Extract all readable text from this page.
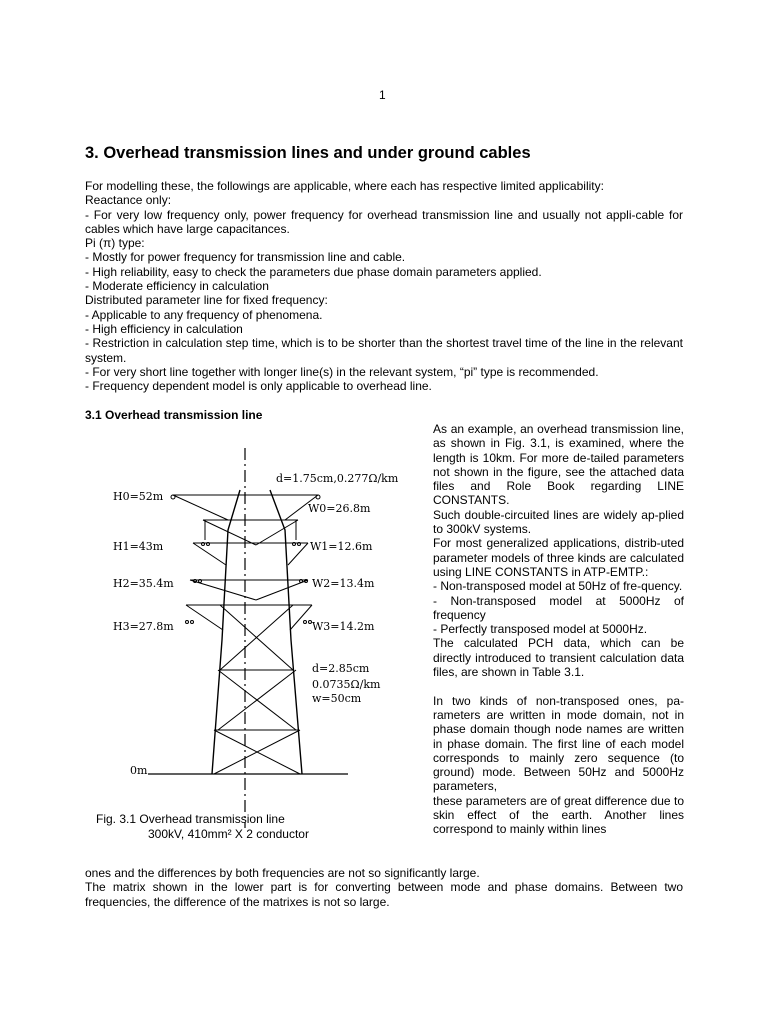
1
3. Overhead transmission lines and under ground cables
For modelling these, the followings are applicable, where each has respective limited applicability:
Reactance only:
- For very low frequency only, power frequency for overhead transmission line and usually not appli-cable for cables which have large capacitances.
Pi (π) type:
- Mostly for power frequency for transmission line and cable.
- High reliability, easy to check the parameters due phase domain parameters applied.
- Moderate efficiency in calculation
Distributed parameter line for fixed frequency:
- Applicable to any frequency of phenomena.
- High efficiency in calculation
- Restriction in calculation step time, which is to be shorter than the shortest travel time of the line in the relevant system.
- For very short line together with longer line(s) in the relevant system, “pi” type is recommended.
- Frequency dependent model is only applicable to overhead line.
3.1 Overhead transmission line

As an example, an overhead transmission line, as shown in Fig. 3.1, is examined, where the length is 10km. For more de-tailed parameters not shown in the figure, see the attached data files and Role Book regarding LINE CONSTANTS.

Such double-circuited lines are widely ap-plied to 300kV systems.

For most generalized applications, distrib-uted parameter models of three kinds are calculated using LINE CONSTANTS in ATP-EMTP.:

- Non-transposed model at 50Hz of fre-quency.

- Non-transposed model at 5000Hz of frequency

- Perfectly transposed model at 5000Hz.

The calculated PCH data, which can be directly introduced to transient calculation data files, are shown in Table 3.1.

In two kinds of non-transposed ones, pa-rameters are written in mode domain, not in phase domain though node names are written in phase domain. The first line of each model corresponds to mainly zero sequence (to ground) mode. Between 50Hz and 5000Hz parameters,

these parameters are of great difference due to skin effect of the earth. Another lines correspond to mainly within lines

d=1.75cm,0.277Ω/km
H0=52m
W0=26.8m
H1=43m	W1=12.6m
H2=35.4m	W2=13.4m
H3=27.8m	W3=14.2m
d=2.85cm
0.0735Ω/km
w=50cm
0m
Fig. 3.1 Overhead transmission line
300kV, 410mm² X 2 conductor

ones and the differences by both frequencies are not so significantly large.

The matrix shown in the lower part is for converting between mode and phase domains. Between two frequencies, the difference of the matrixes is not so large.
